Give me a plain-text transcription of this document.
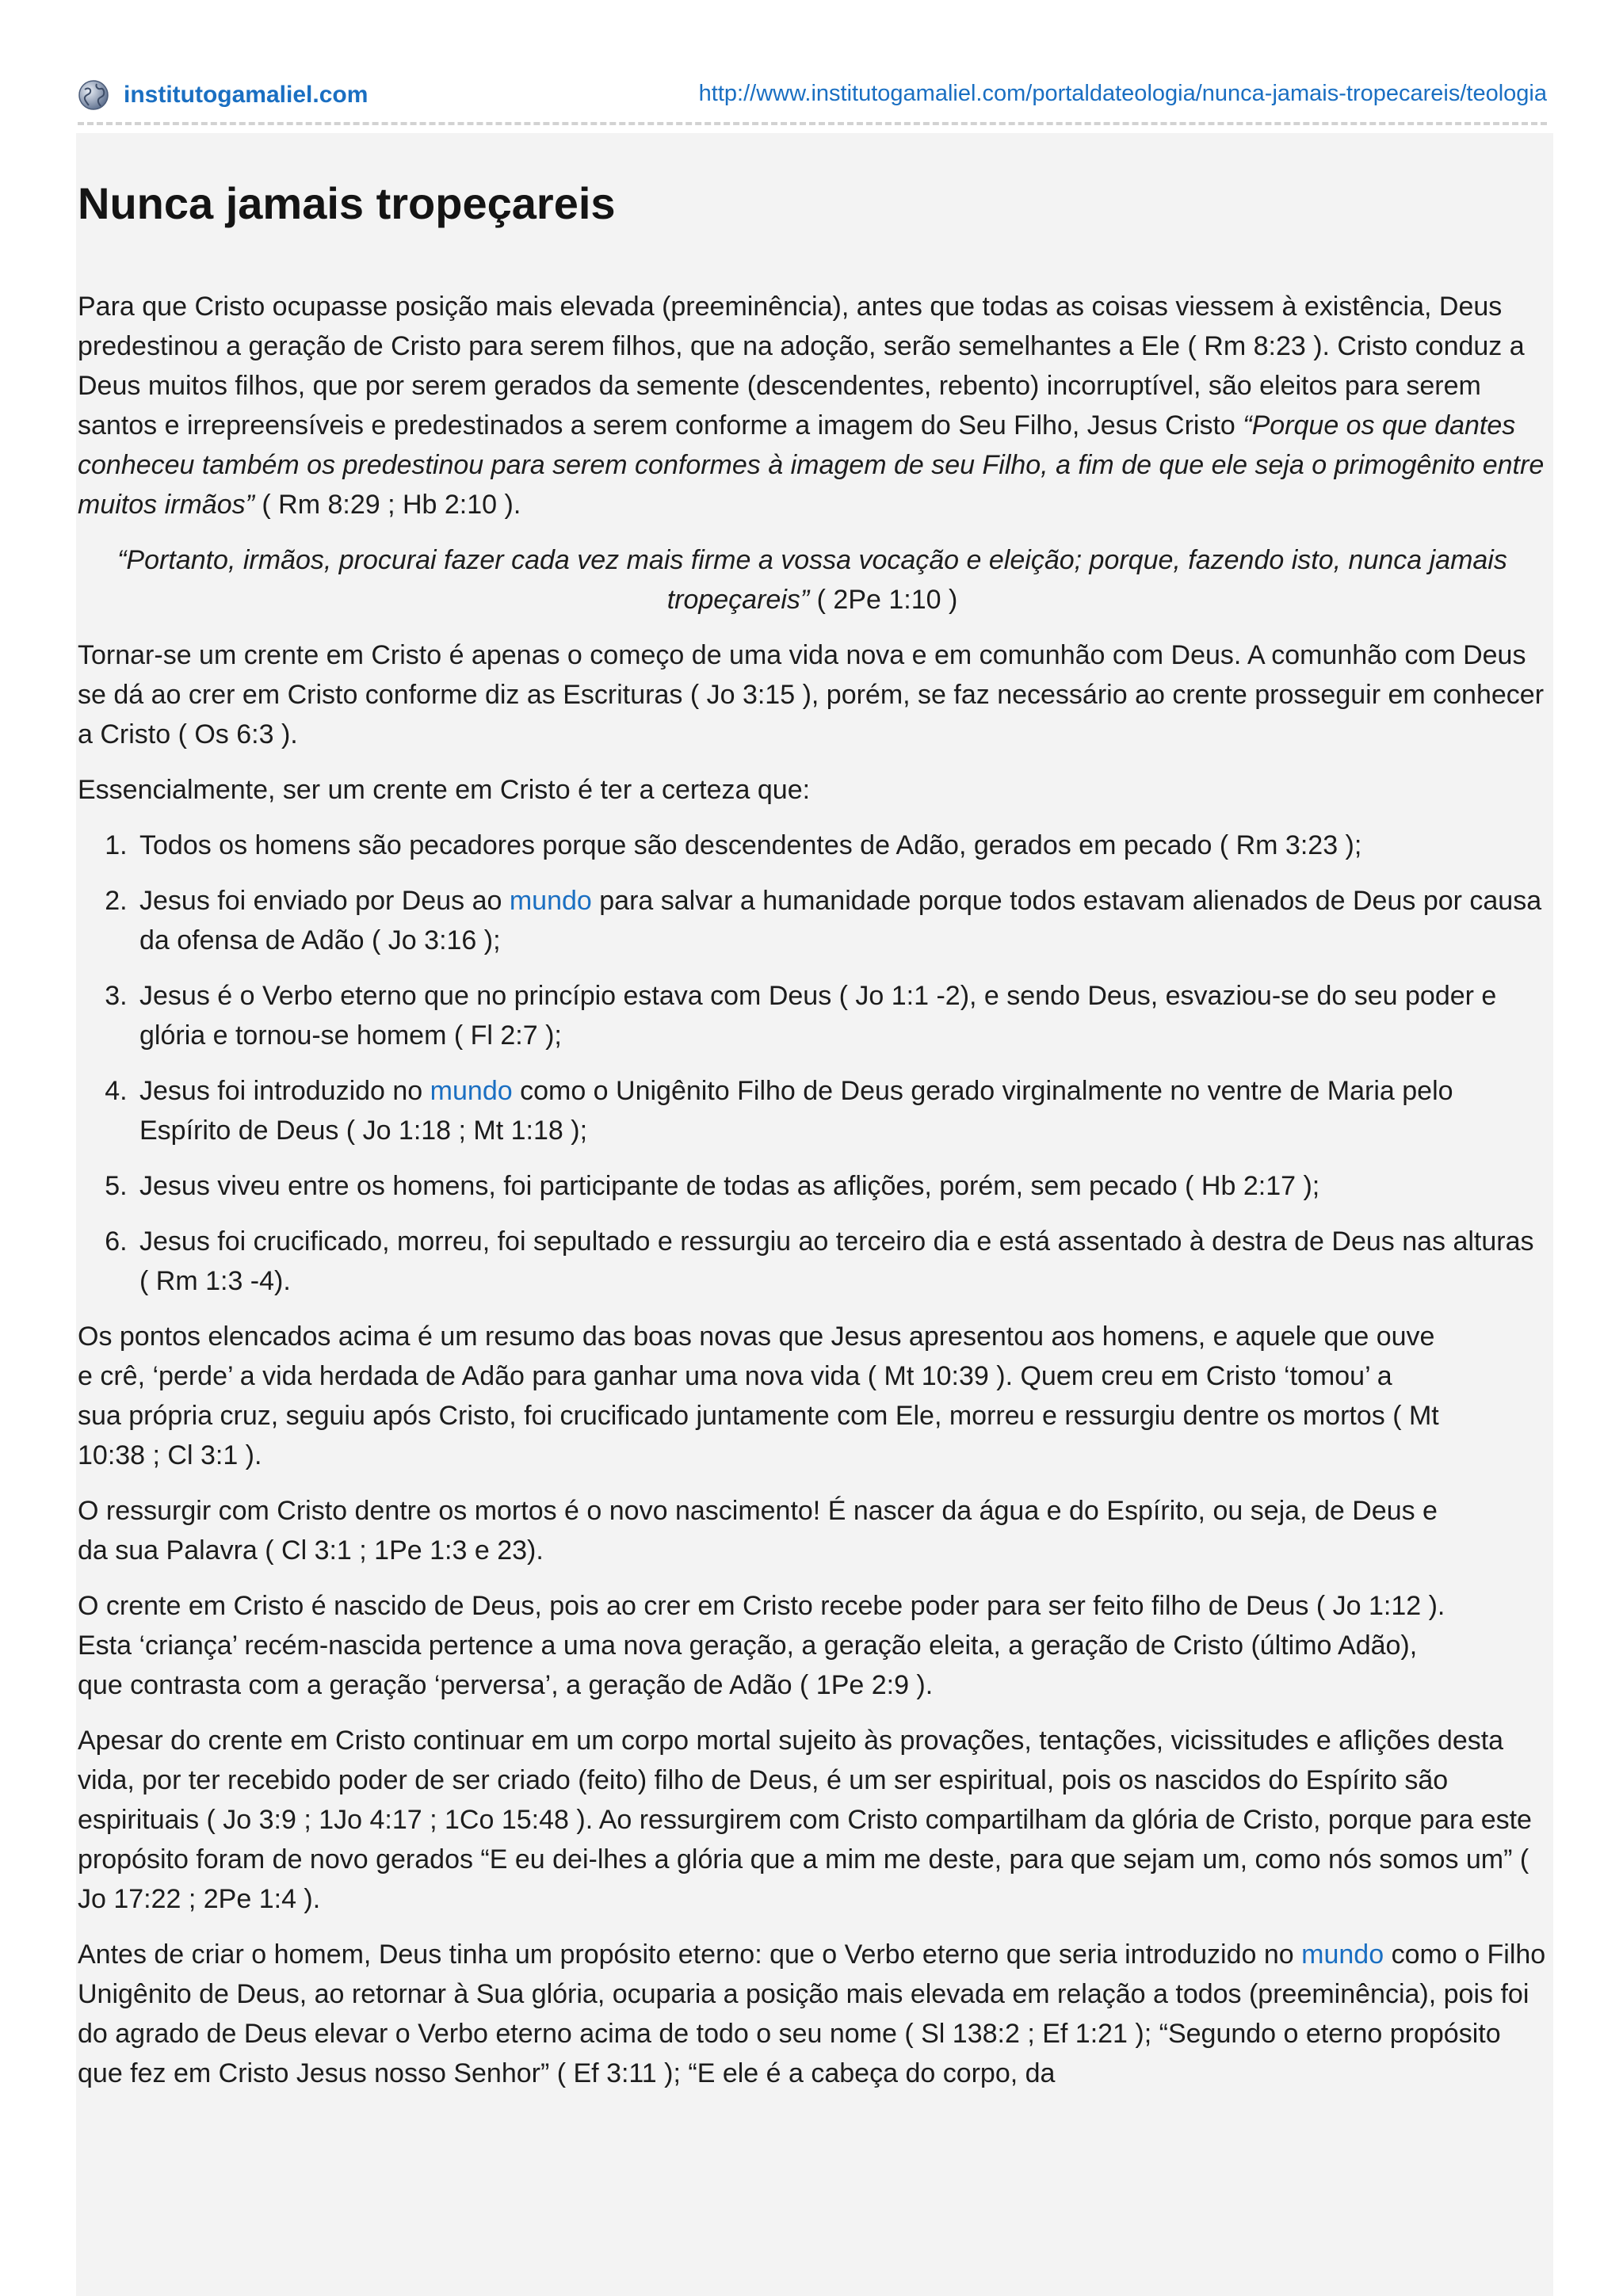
institutogamaliel.com	http://www.institutogamaliel.com/portaldateologia/nunca-jamais-tropecareis/teologia
Nunca jamais tropeçareis

Para que Cristo ocupasse posição mais elevada (preeminência), antes que todas as coisas viessem à existência, Deus predestinou a geração de Cristo para serem filhos, que na adoção, serão semelhantes a Ele ( Rm 8:23 ). Cristo conduz a Deus muitos filhos, que por serem gerados da semente (descendentes, rebento) incorruptível, são eleitos para serem santos e irrepreensíveis e predestinados a serem conforme a imagem do Seu Filho, Jesus Cristo “Porque os que dantes conheceu também os predestinou para serem conformes à imagem de seu Filho, a fim de que ele seja o primogênito entre muitos irmãos” ( Rm 8:29 ; Hb 2:10 ).

“Portanto, irmãos, procurai fazer cada vez mais firme a vossa vocação e eleição; porque, fazendo isto, nunca jamais tropeçareis” ( 2Pe 1:10 )

Tornar-se um crente em Cristo é apenas o começo de uma vida nova e em comunhão com Deus. A comunhão com Deus se dá ao crer em Cristo conforme diz as Escrituras ( Jo 3:15 ), porém, se faz necessário ao crente prosseguir em conhecer a Cristo ( Os 6:3 ).

Essencialmente, ser um crente em Cristo é ter a certeza que:

1. Todos os homens são pecadores porque são descendentes de Adão, gerados em pecado ( Rm 3:23 );
2. Jesus foi enviado por Deus ao mundo para salvar a humanidade porque todos estavam alienados de Deus por causa da ofensa de Adão ( Jo 3:16 );
3. Jesus é o Verbo eterno que no princípio estava com Deus ( Jo 1:1 -2), e sendo Deus, esvaziou-se do seu poder e glória e tornou-se homem ( Fl 2:7 );
4. Jesus foi introduzido no mundo como o Unigênito Filho de Deus gerado virginalmente no ventre de Maria pelo Espírito de Deus ( Jo 1:18 ; Mt 1:18 );
5. Jesus viveu entre os homens, foi participante de todas as aflições, porém, sem pecado ( Hb 2:17 );
6. Jesus foi crucificado, morreu, foi sepultado e ressurgiu ao terceiro dia e está assentado à destra de Deus nas alturas ( Rm 1:3 -4).

Os pontos elencados acima é um resumo das boas novas que Jesus apresentou aos homens, e aquele que ouve
e crê, ‘perde’ a vida herdada de Adão para ganhar uma nova vida ( Mt 10:39 ). Quem creu em Cristo ‘tomou’ a
sua própria cruz, seguiu após Cristo, foi crucificado juntamente com Ele, morreu e ressurgiu dentre os mortos ( Mt
10:38 ; Cl 3:1 ).

O ressurgir com Cristo dentre os mortos é o novo nascimento! É nascer da água e do Espírito, ou seja, de Deus e
da sua Palavra ( Cl 3:1 ; 1Pe 1:3 e 23).

O crente em Cristo é nascido de Deus, pois ao crer em Cristo recebe poder para ser feito filho de Deus ( Jo 1:12 ).
Esta ‘criança’ recém-nascida pertence a uma nova geração, a geração eleita, a geração de Cristo (último Adão),
que contrasta com a geração ‘perversa’, a geração de Adão ( 1Pe 2:9 ).

Apesar do crente em Cristo continuar em um corpo mortal sujeito às provações, tentações, vicissitudes e aflições desta vida, por ter recebido poder de ser criado (feito) filho de Deus, é um ser espiritual, pois os nascidos do Espírito são espirituais ( Jo 3:9 ; 1Jo 4:17 ; 1Co 15:48 ). Ao ressurgirem com Cristo compartilham da glória de Cristo, porque para este propósito foram de novo gerados “E eu dei-lhes a glória que a mim me deste, para que sejam um, como nós somos um” ( Jo 17:22 ; 2Pe 1:4 ).

Antes de criar o homem, Deus tinha um propósito eterno: que o Verbo eterno que seria introduzido no mundo como o Filho Unigênito de Deus, ao retornar à Sua glória, ocuparia a posição mais elevada em relação a todos (preeminência), pois foi do agrado de Deus elevar o Verbo eterno acima de todo o seu nome ( Sl 138:2 ; Ef 1:21 ); “Segundo o eterno propósito que fez em Cristo Jesus nosso Senhor” ( Ef 3:11 ); “E ele é a cabeça do corpo, da
